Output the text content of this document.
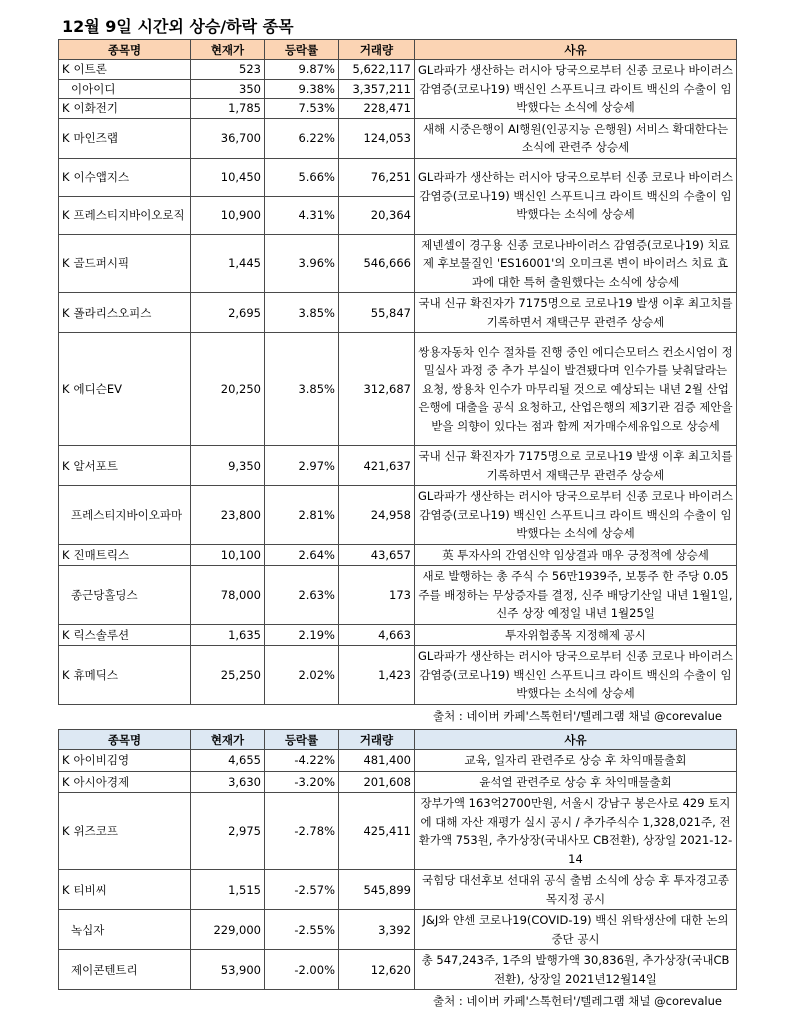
12월 9일 시간외 상승/하락 종목
종목명	현재가	등락률	거래량	사유
K 이트론	523	9.87%	5,622,117	GL라파가 생산하는 러시아 당국으로부터 신종 코로나 바이러스 감염증(코로나19) 백신인 스푸트니크 라이트 백신의 수출이 임박했다는 소식에 상승세
이아이디	350	9.38%	3,357,211	
K 이화전기	1,785	7.53%	228,471	
K 마인즈랩	36,700	6.22%	124,053	새해 시중은행이 AI행원(인공지능 은행원) 서비스 확대한다는 소식에 관련주 상승세
K 이수앱지스	10,450	5.66%	76,251	GL라파가 생산하는 러시아 당국으로부터 신종 코로나 바이러스 감염증(코로나19) 백신인 스푸트니크 라이트 백신의 수출이 임박했다는 소식에 상승세
K 프레스티지바이오로직	10,900	4.31%	20,364	
K 골드퍼시픽	1,445	3.96%	546,666	제넨셀이 경구용 신종 코로나바이러스 감염증(코로나19) 치료제 후보물질인 'ES16001'의 오미크론 변이 바이러스 치료 효과에 대한 특허 출원했다는 소식에 상승세
K 폴라리스오피스	2,695	3.85%	55,847	국내 신규 확진자가 7175명으로 코로나19 발생 이후 최고치를 기록하면서 재택근무 관련주 상승세
K 에디슨EV	20,250	3.85%	312,687	쌍용자동차 인수 절차를 진행 중인 에디슨모터스 컨소시엄이 정밀실사 과정 중 추가 부실이 발견됐다며 인수가를 낮춰달라는 요청, 쌍용차 인수가 마무리될 것으로 예상되는 내년 2월 산업은행에 대출을 공식 요청하고, 산업은행의 제3기관 검증 제안을 받을 의향이 있다는 점과 함께 저가매수세유입으로 상승세
K 알서포트	9,350	2.97%	421,637	국내 신규 확진자가 7175명으로 코로나19 발생 이후 최고치를 기록하면서 재택근무 관련주 상승세
프레스티지바이오파마	23,800	2.81%	24,958	GL라파가 생산하는 러시아 당국으로부터 신종 코로나 바이러스 감염증(코로나19) 백신인 스푸트니크 라이트 백신의 수출이 임박했다는 소식에 상승세
K 진매트릭스	10,100	2.64%	43,657	英 투자사의 간염신약 임상결과 매우 긍정적에 상승세
종근당홀딩스	78,000	2.63%	173	새로 발행하는 총 주식 수 56만1939주, 보통주 한 주당 0.05주를 배정하는 무상증자를 결정, 신주 배당기산일 내년 1월1일, 신주 상장 예정일 내년 1월25일
K 릭스솔루션	1,635	2.19%	4,663	투자위험종목 지정해제 공시
K 휴메딕스	25,250	2.02%	1,423	GL라파가 생산하는 러시아 당국으로부터 신종 코로나 바이러스 감염증(코로나19) 백신인 스푸트니크 라이트 백신의 수출이 임박했다는 소식에 상승세
출처 : 네이버 카페'스톡헌터'/텔레그램 채널 @corevalue
종목명	현재가	등락률	거래량	사유
K 아이비김영	4,655	-4.22%	481,400	교육, 일자리 관련주로 상승 후 차익매물출회
K 아시아경제	3,630	-3.20%	201,608	윤석열 관련주로 상승 후 차익매물출회
K 위즈코프	2,975	-2.78%	425,411	장부가액 163억2700만원, 서울시 강남구 봉은사로 429 토지에 대해 자산 재평가 실시 공시 / 추가주식수 1,328,021주, 전환가액 753원, 추가상장(국내사모 CB전환), 상장일 2021-12-14
K 티비씨	1,515	-2.57%	545,899	국힘당 대선후보 선대위 공식 출범 소식에 상승 후 투자경고종목지정 공시
녹십자	229,000	-2.55%	3,392	J&J와 얀센 코로나19(COVID-19) 백신 위탁생산에 대한 논의 중단 공시
제이콘텐트리	53,900	-2.00%	12,620	총 547,243주, 1주의 발행가액 30,836원, 추가상장(국내CB전환), 상장일 2021년12월14일
출처 : 네이버 카페'스톡헌터'/텔레그램 채널 @corevalue
